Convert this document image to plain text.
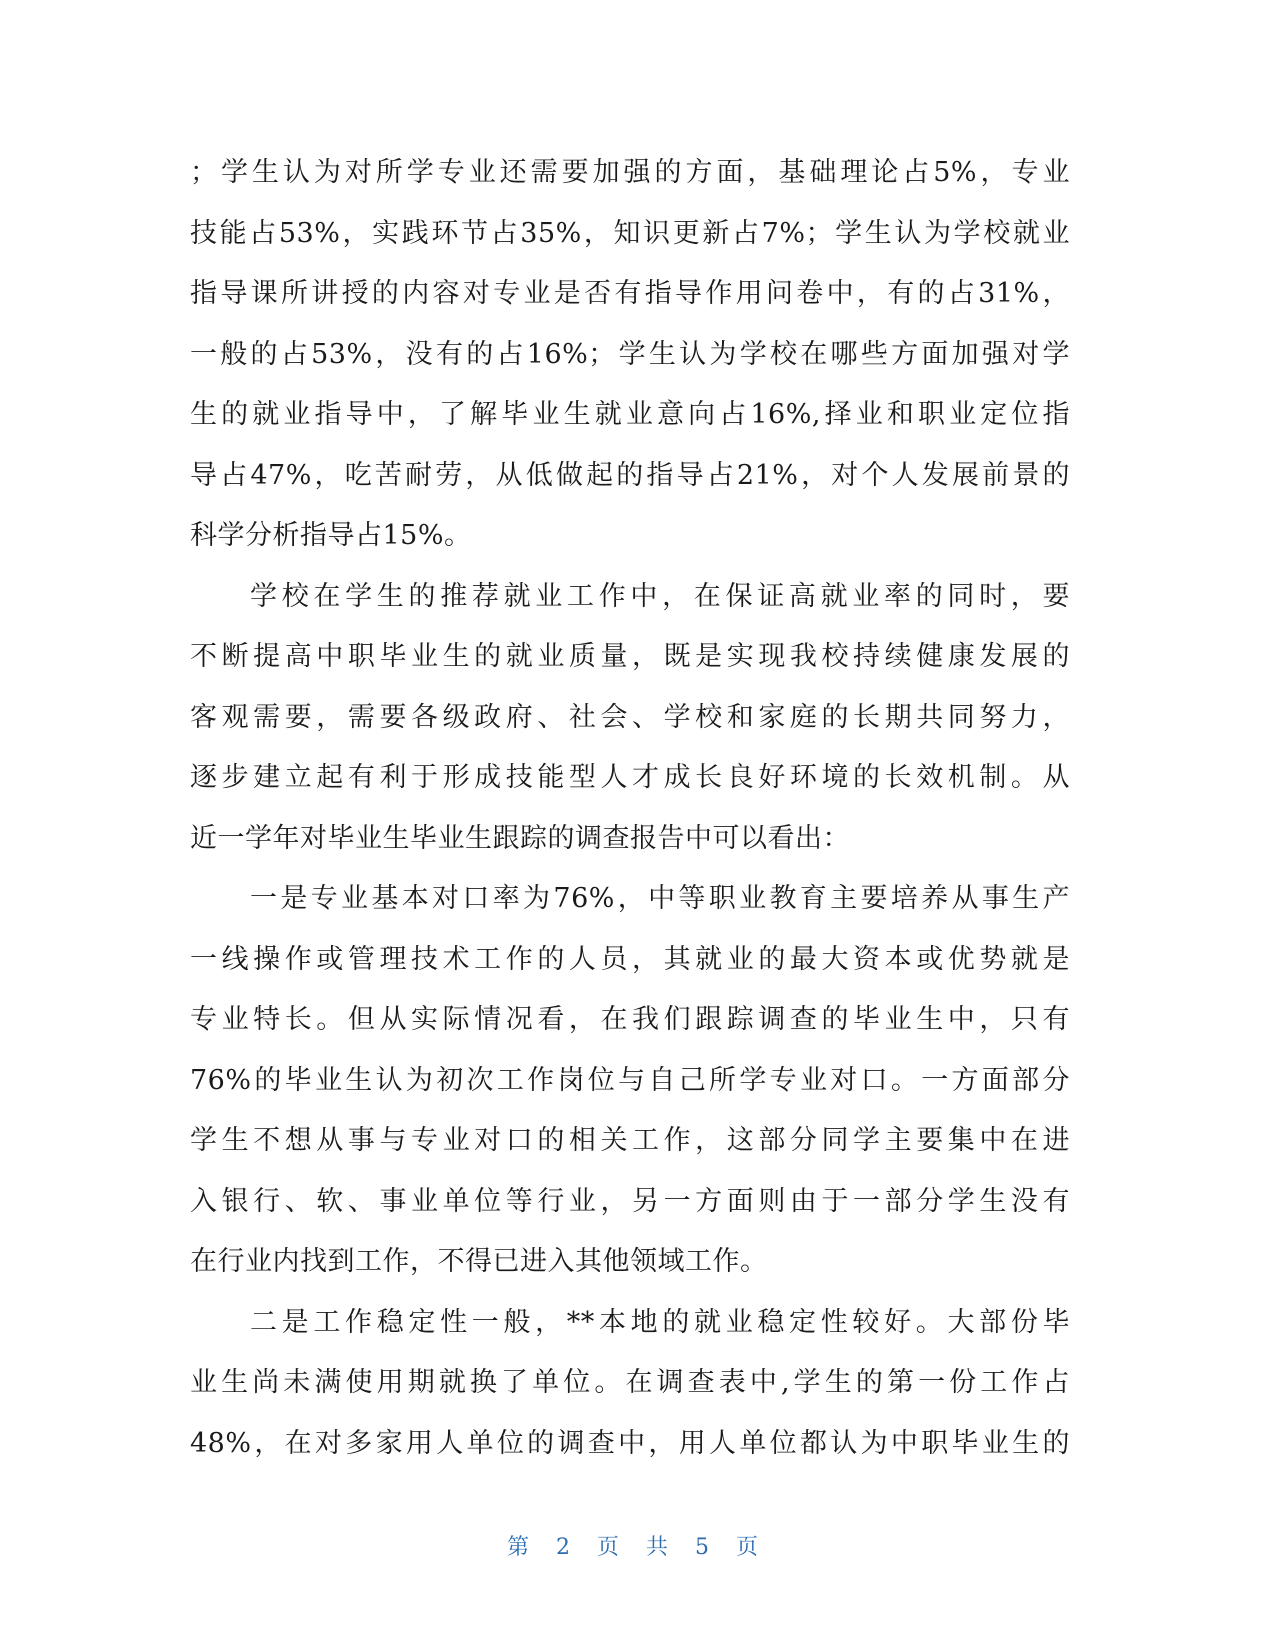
；学生认为对所学专业还需要加强的方面，基础理论占5%，专业
技能占53%，实践环节占35%，知识更新占7%；学生认为学校就业
指导课所讲授的内容对专业是否有指导作用问卷中，有的占31%，
一般的占53%，没有的占16%；学生认为学校在哪些方面加强对学
生的就业指导中，了解毕业生就业意向占16%,择业和职业定位指
导占47%，吃苦耐劳，从低做起的指导占21%，对个人发展前景的
科学分析指导占15%。
学校在学生的推荐就业工作中，在保证高就业率的同时，要
不断提高中职毕业生的就业质量，既是实现我校持续健康发展的
客观需要，需要各级政府、社会、学校和家庭的长期共同努力，
逐步建立起有利于形成技能型人才成长良好环境的长效机制。从
近一学年对毕业生毕业生跟踪的调查报告中可以看出：
一是专业基本对口率为76%，中等职业教育主要培养从事生产
一线操作或管理技术工作的人员，其就业的最大资本或优势就是
专业特长。但从实际情况看，在我们跟踪调查的毕业生中，只有
76%的毕业生认为初次工作岗位与自己所学专业对口。一方面部分
学生不想从事与专业对口的相关工作，这部分同学主要集中在进
入银行、软、事业单位等行业，另一方面则由于一部分学生没有
在行业内找到工作，不得已进入其他领域工作。
二是工作稳定性一般，**本地的就业稳定性较好。大部份毕
业生尚未满使用期就换了单位。在调查表中,学生的第一份工作占
48%，在对多家用人单位的调查中，用人单位都认为中职毕业生的
第 2 页 共 5 页
